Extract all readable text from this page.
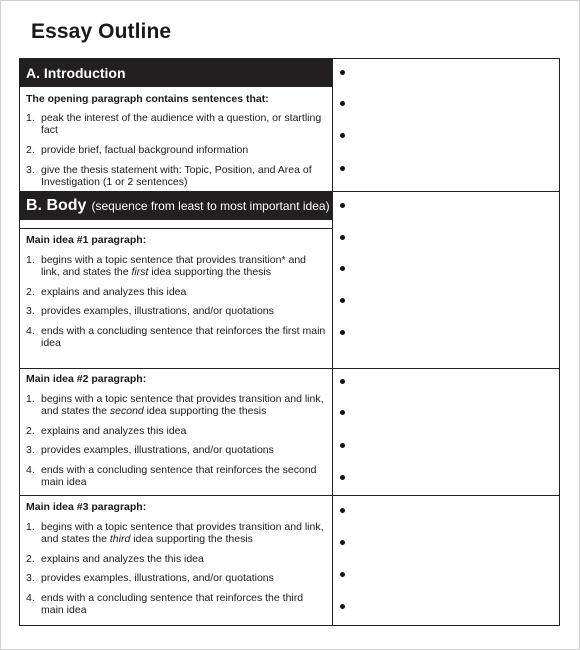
Essay Outline
A. Introduction
The opening paragraph contains sentences that:
1. peak the interest of the audience with a question, or startling fact
2. provide brief, factual background information
3. give the thesis statement with: Topic, Position, and Area of Investigation (1 or 2 sentences)
B. Body (sequence from least to most important idea)
Main idea #1 paragraph:
1. begins with a topic sentence that provides transition* and link, and states the first idea supporting the thesis
2. explains and analyzes this idea
3. provides examples, illustrations, and/or quotations
4. ends with a concluding sentence that reinforces the first main idea
Main idea #2 paragraph:
1. begins with a topic sentence that provides transition and link, and states the second idea supporting the thesis
2. explains and analyzes this idea
3. provides examples, illustrations, and/or quotations
4. ends with a concluding sentence that reinforces the second main idea
Main idea #3 paragraph:
1. begins with a topic sentence that provides transition and link, and states the third idea supporting the thesis
2. explains and analyzes the this idea
3. provides examples, illustrations, and/or quotations
4. ends with a concluding sentence that reinforces the third main idea
